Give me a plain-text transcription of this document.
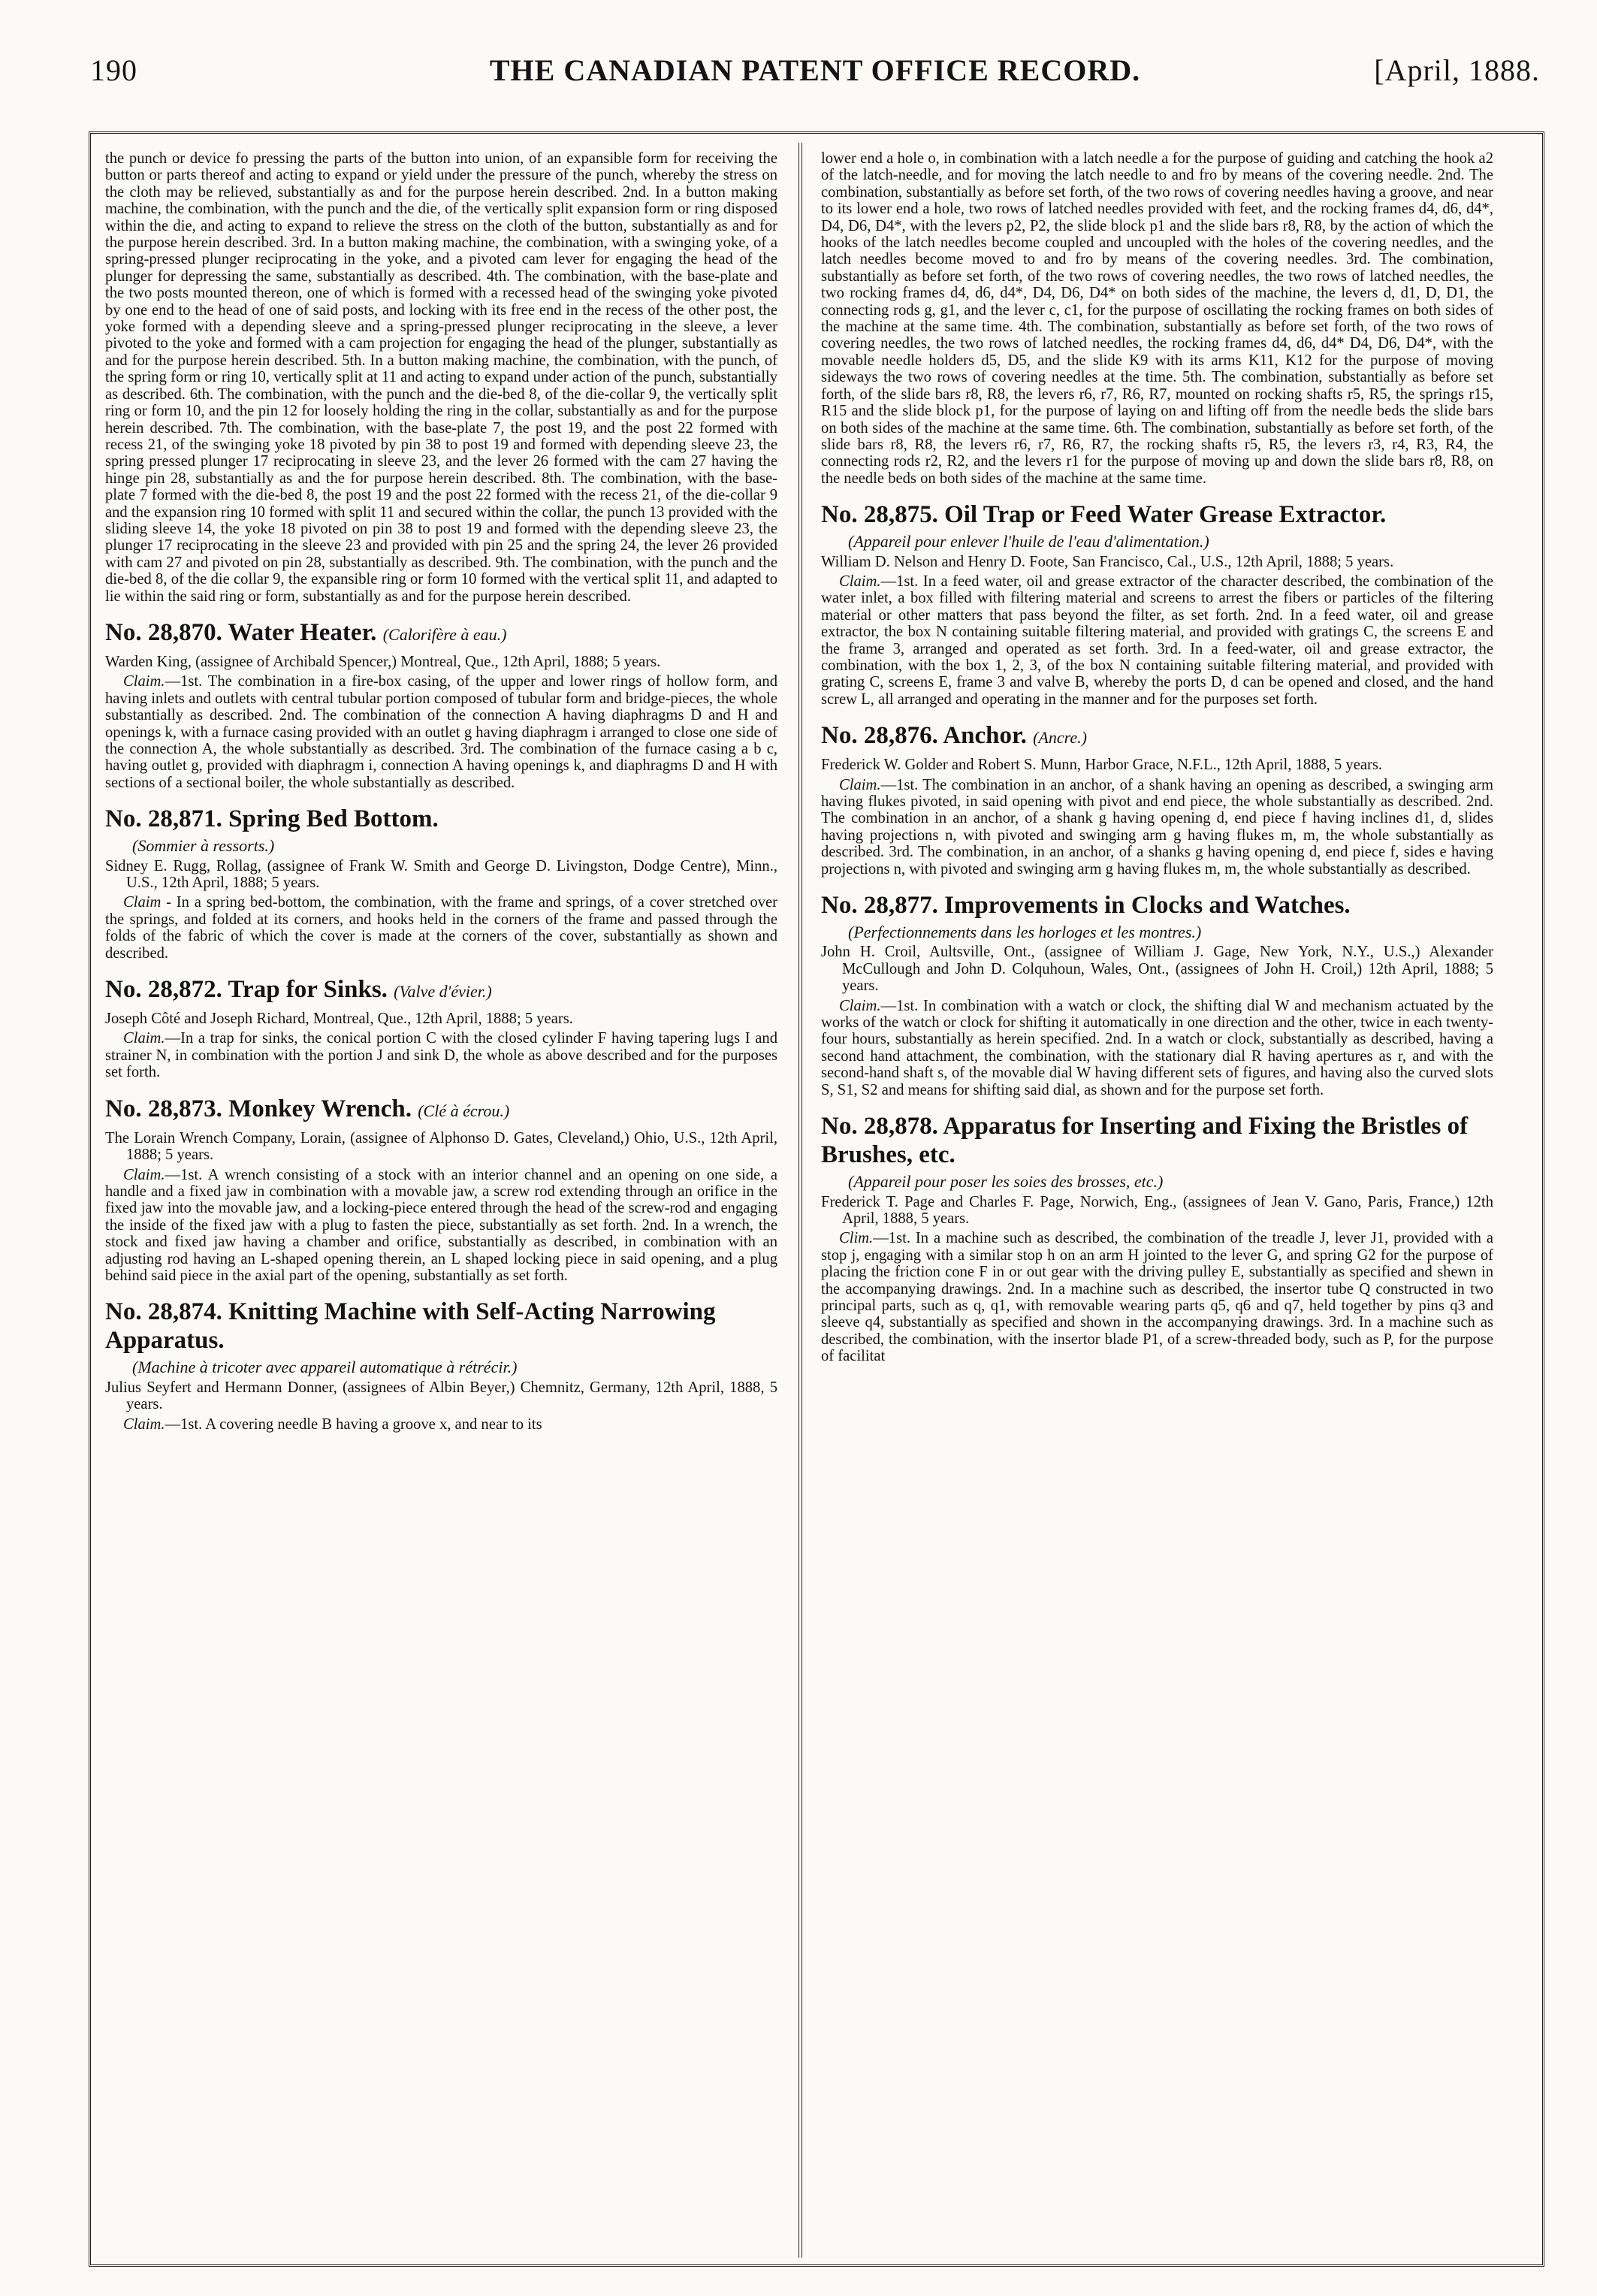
190	THE CANADIAN PATENT OFFICE RECORD.	[April, 1888.

the punch or device fo pressing the parts of the button into union, of an expansible form for receiving the button or parts thereof and acting to expand or yield under the pressure of the punch, whereby the stress on the cloth may be relieved, substantially as and for the purpose herein described. 2nd. In a button making machine, the combination, with the punch and the die, of the vertically split expansion form or ring disposed within the die, and acting to expand to relieve the stress on the cloth of the button, substantially as and for the purpose herein described. 3rd. In a button making machine, the combination, with a swinging yoke, of a spring-pressed plunger reciprocating in the yoke, and a pivoted cam lever for engaging the head of the plunger for depressing the same, substantially as described. 4th. The combination, with the base-plate and the two posts mounted thereon, one of which is formed with a recessed head of the swinging yoke pivoted by one end to the head of one of said posts, and locking with its free end in the recess of the other post, the yoke formed with a depending sleeve and a spring-pressed plunger reciprocating in the sleeve, a lever pivoted to the yoke and formed with a cam projection for engaging the head of the plunger, substantially as and for the purpose herein described. 5th. In a button making machine, the combination, with the punch, of the spring form or ring 10, vertically split at 11 and acting to expand under action of the punch, substantially as described. 6th. The combination, with the punch and the die-bed 8, of the die-collar 9, the vertically split ring or form 10, and the pin 12 for loosely holding the ring in the collar, substantially as and for the purpose herein described. 7th. The combination, with the base-plate 7, the post 19, and the post 22 formed with recess 21, of the swinging yoke 18 pivoted by pin 38 to post 19 and formed with depending sleeve 23, the spring pressed plunger 17 reciprocating in sleeve 23, and the lever 26 formed with the cam 27 having the hinge pin 28, substantially as and the for purpose herein described. 8th. The combination, with the base-plate 7 formed with the die-bed 8, the post 19 and the post 22 formed with the recess 21, of the die-collar 9 and the expansion ring 10 formed with split 11 and secured within the collar, the punch 13 provided with the sliding sleeve 14, the yoke 18 pivoted on pin 38 to post 19 and formed with the depending sleeve 23, the plunger 17 reciprocating in the sleeve 23 and provided with pin 25 and the spring 24, the lever 26 provided with cam 27 and pivoted on pin 28, substantially as described. 9th. The combination, with the punch and the die-bed 8, of the die collar 9, the expansible ring or form 10 formed with the vertical split 11, and adapted to lie within the said ring or form, substantially as and for the purpose herein described.

No. 28,870. Water Heater. (Calorifère à eau.)

Warden King, (assignee of Archibald Spencer,) Montreal, Que., 12th April, 1888; 5 years.

Claim.—1st. The combination in a fire-box casing, of the upper and lower rings of hollow form, and having inlets and outlets with central tubular portion composed of tubular form and bridge-pieces, the whole substantially as described. 2nd. The combination of the connection A having diaphragms D and H and openings k, with a furnace casing provided with an outlet g having diaphragm i arranged to close one side of the connection A, the whole substantially as described. 3rd. The combination of the furnace casing a b c, having outlet g, provided with diaphragm i, connection A having openings k, and diaphragms D and H with sections of a sectional boiler, the whole substantially as described.

No. 28,871. Spring Bed Bottom.
(Sommier à ressorts.)

Sidney E. Rugg, Rollag, (assignee of Frank W. Smith and George D. Livingston, Dodge Centre), Minn., U.S., 12th April, 1888; 5 years.

Claim - In a spring bed-bottom, the combination, with the frame and springs, of a cover stretched over the springs, and folded at its corners, and hooks held in the corners of the frame and passed through the folds of the fabric of which the cover is made at the corners of the cover, substantially as shown and described.

No. 28,872. Trap for Sinks. (Valve d'évier.)

Joseph Côté and Joseph Richard, Montreal, Que., 12th April, 1888; 5 years.

Claim.—In a trap for sinks, the conical portion C with the closed cylinder F having tapering lugs I and strainer N, in combination with the portion J and sink D, the whole as above described and for the purposes set forth.

No. 28,873. Monkey Wrench. (Clé à écrou.)

The Lorain Wrench Company, Lorain, (assignee of Alphonso D. Gates, Cleveland,) Ohio, U.S., 12th April, 1888; 5 years.

Claim.—1st. A wrench consisting of a stock with an interior channel and an opening on one side, a handle and a fixed jaw in combination with a movable jaw, a screw rod extending through an orifice in the fixed jaw into the movable jaw, and a locking-piece entered through the head of the screw-rod and engaging the inside of the fixed jaw with a plug to fasten the piece, substantially as set forth. 2nd. In a wrench, the stock and fixed jaw having a chamber and orifice, substantially as described, in combination with an adjusting rod having an L-shaped opening therein, an L shaped locking piece in said opening, and a plug behind said piece in the axial part of the opening, substantially as set forth.

No. 28,874. Knitting Machine with Self-Acting Narrowing Apparatus.
(Machine à tricoter avec appareil automatique à rétrécir.)

Julius Seyfert and Hermann Donner, (assignees of Albin Beyer,) Chemnitz, Germany, 12th April, 1888, 5 years.

Claim.—1st. A covering needle B having a groove x, and near to its

lower end a hole o, in combination with a latch needle a for the purpose of guiding and catching the hook a2 of the latch-needle, and for moving the latch needle to and fro by means of the covering needle. 2nd. The combination, substantially as before set forth, of the two rows of covering needles having a groove, and near to its lower end a hole, two rows of latched needles provided with feet, and the rocking frames d4, d6, d4*, D4, D6, D4*, with the levers p2, P2, the slide block p1 and the slide bars r8, R8, by the action of which the hooks of the latch needles become coupled and uncoupled with the holes of the covering needles, and the latch needles become moved to and fro by means of the covering needles. 3rd. The combination, substantially as before set forth, of the two rows of covering needles, the two rows of latched needles, the two rocking frames d4, d6, d4*, D4, D6, D4* on both sides of the machine, the levers d, d1, D, D1, the connecting rods g, g1, and the lever c, c1, for the purpose of oscillating the rocking frames on both sides of the machine at the same time. 4th. The combination, substantially as before set forth, of the two rows of covering needles, the two rows of latched needles, the rocking frames d4, d6, d4* D4, D6, D4*, with the movable needle holders d5, D5, and the slide K9 with its arms K11, K12 for the purpose of moving sideways the two rows of covering needles at the time. 5th. The combination, substantially as before set forth, of the slide bars r8, R8, the levers r6, r7, R6, R7, mounted on rocking shafts r5, R5, the springs r15, R15 and the slide block p1, for the purpose of laying on and lifting off from the needle beds the slide bars on both sides of the machine at the same time. 6th. The combination, substantially as before set forth, of the slide bars r8, R8, the levers r6, r7, R6, R7, the rocking shafts r5, R5, the levers r3, r4, R3, R4, the connecting rods r2, R2, and the levers r1 for the purpose of moving up and down the slide bars r8, R8, on the needle beds on both sides of the machine at the same time.

No. 28,875. Oil Trap or Feed Water Grease Extractor.
(Appareil pour enlever l'huile de l'eau d'alimentation.)

William D. Nelson and Henry D. Foote, San Francisco, Cal., U.S., 12th April, 1888; 5 years.

Claim.—1st. In a feed water, oil and grease extractor of the character described, the combination of the water inlet, a box filled with filtering material and screens to arrest the fibers or particles of the filtering material or other matters that pass beyond the filter, as set forth. 2nd. In a feed water, oil and grease extractor, the box N containing suitable filtering material, and provided with gratings C, the screens E and the frame 3, arranged and operated as set forth. 3rd. In a feed-water, oil and grease extractor, the combination, with the box 1, 2, 3, of the box N containing suitable filtering material, and provided with grating C, screens E, frame 3 and valve B, whereby the ports D, d can be opened and closed, and the hand screw L, all arranged and operating in the manner and for the purposes set forth.

No. 28,876. Anchor. (Ancre.)

Frederick W. Golder and Robert S. Munn, Harbor Grace, N.F.L., 12th April, 1888, 5 years.

Claim.—1st. The combination in an anchor, of a shank having an opening as described, a swinging arm having flukes pivoted, in said opening with pivot and end piece, the whole substantially as described. 2nd. The combination in an anchor, of a shank g having opening d, end piece f having inclines d1, d, slides having projections n, with pivoted and swinging arm g having flukes m, m, the whole substantially as described. 3rd. The combination, in an anchor, of a shanks g having opening d, end piece f, sides e having projections n, with pivoted and swinging arm g having flukes m, m, the whole substantially as described.

No. 28,877. Improvements in Clocks and Watches.
(Perfectionnements dans les horloges et les montres.)

John H. Croil, Aultsville, Ont., (assignee of William J. Gage, New York, N.Y., U.S.,) Alexander McCullough and John D. Colquhoun, Wales, Ont., (assignees of John H. Croil,) 12th April, 1888; 5 years.

Claim.—1st. In combination with a watch or clock, the shifting dial W and mechanism actuated by the works of the watch or clock for shifting it automatically in one direction and the other, twice in each twenty-four hours, substantially as herein specified. 2nd. In a watch or clock, substantially as described, having a second hand attachment, the combination, with the stationary dial R having apertures as r, and with the second-hand shaft s, of the movable dial W having different sets of figures, and having also the curved slots S, S1, S2 and means for shifting said dial, as shown and for the purpose set forth.

No. 28,878. Apparatus for Inserting and Fixing the Bristles of Brushes, etc.
(Appareil pour poser les soies des brosses, etc.)

Frederick T. Page and Charles F. Page, Norwich, Eng., (assignees of Jean V. Gano, Paris, France,) 12th April, 1888, 5 years.

Clim.—1st. In a machine such as described, the combination of the treadle J, lever J1, provided with a stop j, engaging with a similar stop h on an arm H jointed to the lever G, and spring G2 for the purpose of placing the friction cone F in or out gear with the driving pulley E, substantially as specified and shewn in the accompanying drawings. 2nd. In a machine such as described, the insertor tube Q constructed in two principal parts, such as q, q1, with removable wearing parts q5, q6 and q7, held together by pins q3 and sleeve q4, substantially as specified and shown in the accompanying drawings. 3rd. In a machine such as described, the combination, with the insertor blade P1, of a screw-threaded body, such as P, for the purpose of facilitat
